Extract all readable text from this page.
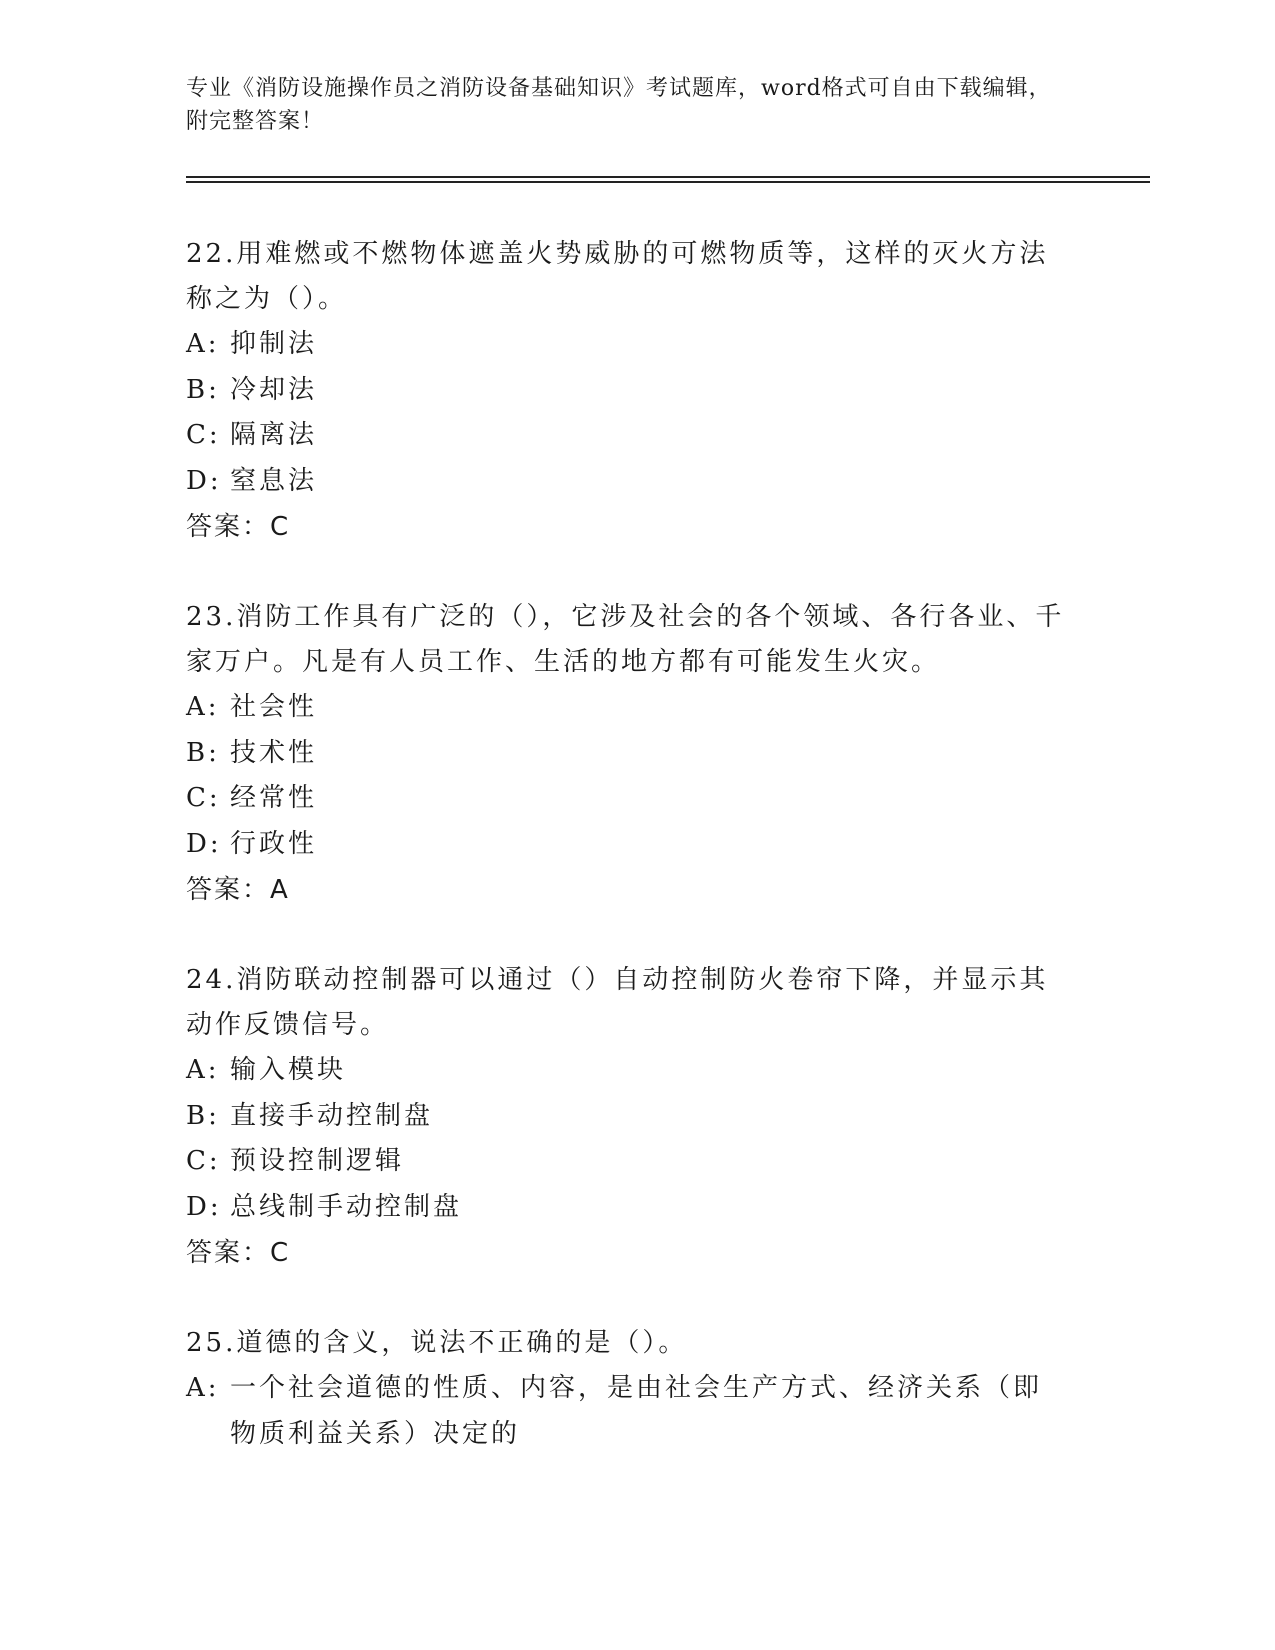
专业《消防设施操作员之消防设备基础知识》考试题库，word格式可自由下载编辑，附完整答案！
22.用难燃或不燃物体遮盖火势威胁的可燃物质等，这样的灭火方法称之为（）。
A: 抑制法
B: 冷却法
C: 隔离法
D: 窒息法
答案：C
23.消防工作具有广泛的（），它涉及社会的各个领域、各行各业、千家万户。凡是有人员工作、生活的地方都有可能发生火灾。
A: 社会性
B: 技术性
C: 经常性
D: 行政性
答案：A
24.消防联动控制器可以通过（）自动控制防火卷帘下降，并显示其动作反馈信号。
A: 输入模块
B: 直接手动控制盘
C: 预设控制逻辑
D: 总线制手动控制盘
答案：C
25.道德的含义，说法不正确的是（）。
A: 一个社会道德的性质、内容，是由社会生产方式、经济关系（即物质利益关系）决定的
